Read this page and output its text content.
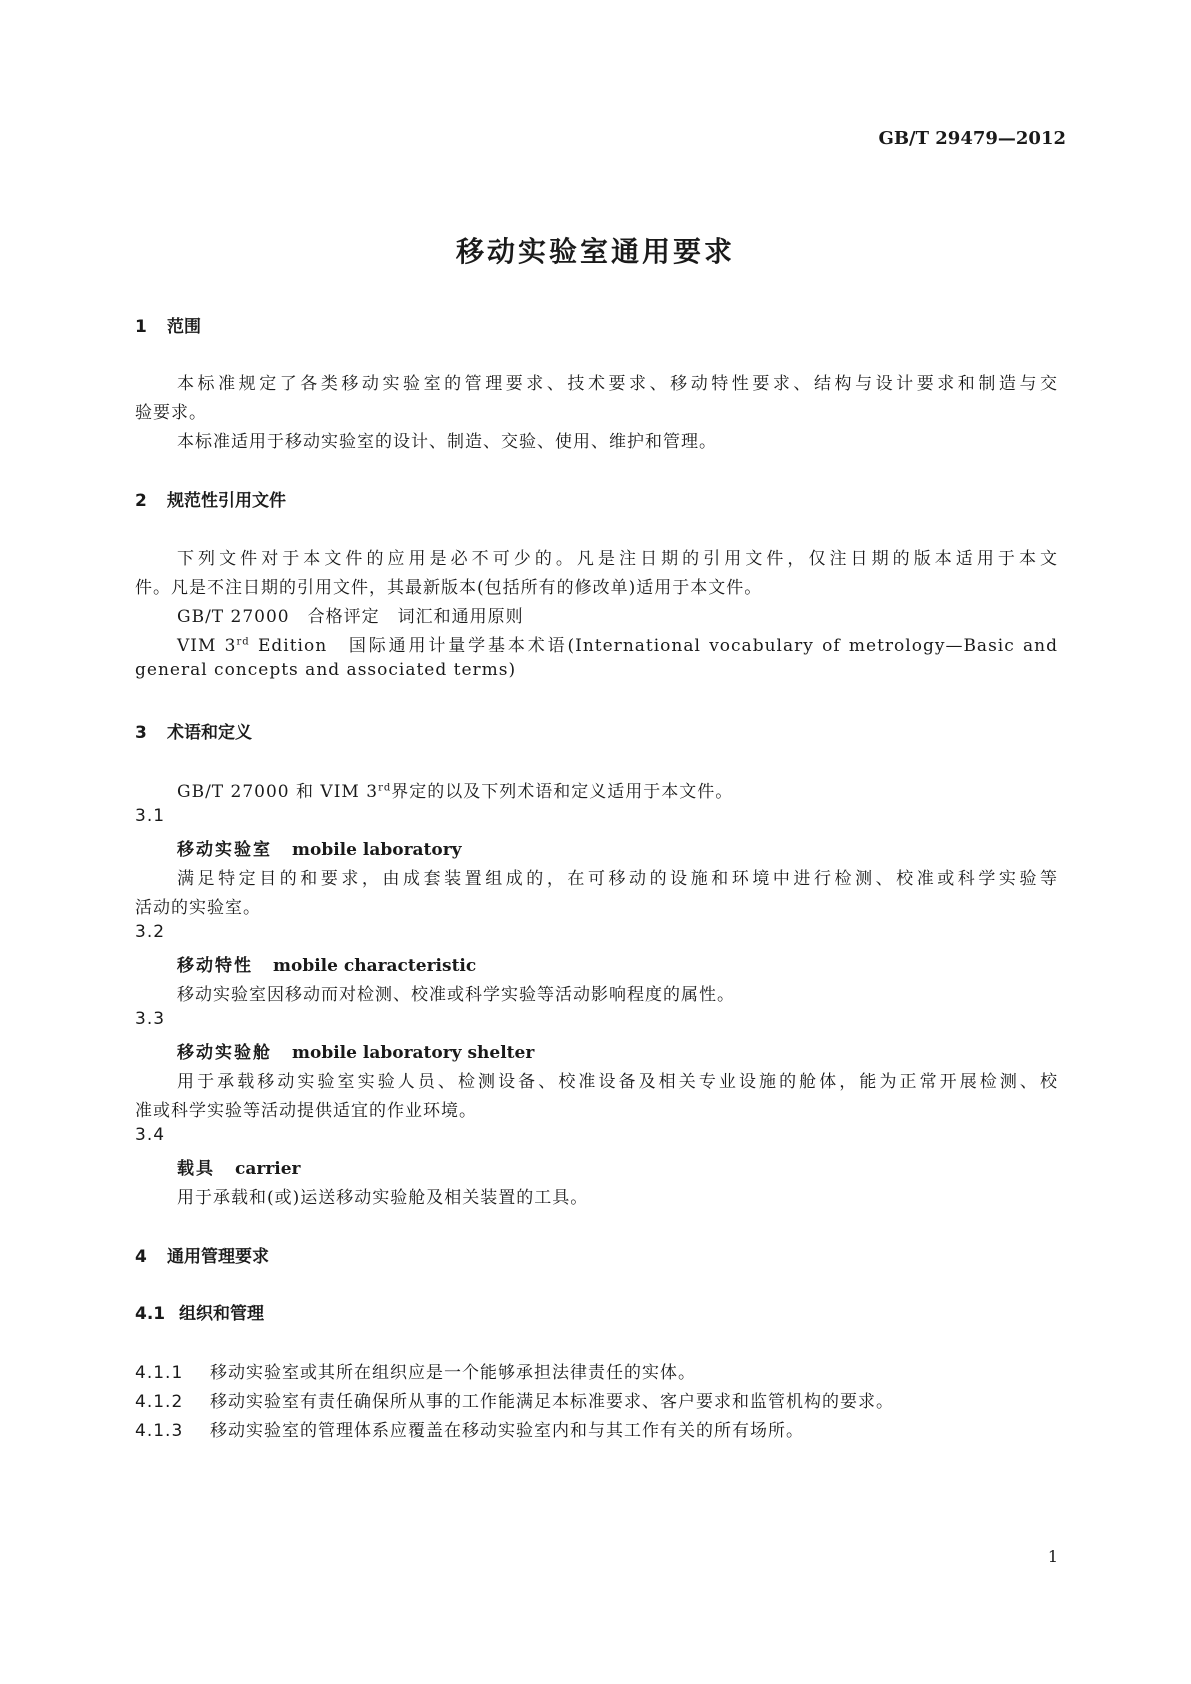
GB/T 29479—2012
移动实验室通用要求
1 范围
本标准规定了各类移动实验室的管理要求、技术要求、移动特性要求、结构与设计要求和制造与交
验要求。
本标准适用于移动实验室的设计、制造、交验、使用、维护和管理。
2 规范性引用文件
下列文件对于本文件的应用是必不可少的。凡是注日期的引用文件，仅注日期的版本适用于本文
件。凡是不注日期的引用文件，其最新版本(包括所有的修改单)适用于本文件。
GB/T 27000　合格评定　词汇和通用原则
VIM 3rd Edition　国际通用计量学基本术语(International vocabulary of metrology—Basic and
general concepts and associated terms)
3 术语和定义
GB/T 27000 和 VIM 3rd界定的以及下列术语和定义适用于本文件。
3.1
移动实验室 mobile laboratory
满足特定目的和要求，由成套装置组成的，在可移动的设施和环境中进行检测、校准或科学实验等
活动的实验室。
3.2
移动特性 mobile characteristic
移动实验室因移动而对检测、校准或科学实验等活动影响程度的属性。
3.3
移动实验舱 mobile laboratory shelter
用于承载移动实验室实验人员、检测设备、校准设备及相关专业设施的舱体，能为正常开展检测、校
准或科学实验等活动提供适宜的作业环境。
3.4
载具 carrier
用于承载和(或)运送移动实验舱及相关装置的工具。
4 通用管理要求
4.1 组织和管理
4.1.1 移动实验室或其所在组织应是一个能够承担法律责任的实体。
4.1.2 移动实验室有责任确保所从事的工作能满足本标准要求、客户要求和监管机构的要求。
4.1.3 移动实验室的管理体系应覆盖在移动实验室内和与其工作有关的所有场所。
1
